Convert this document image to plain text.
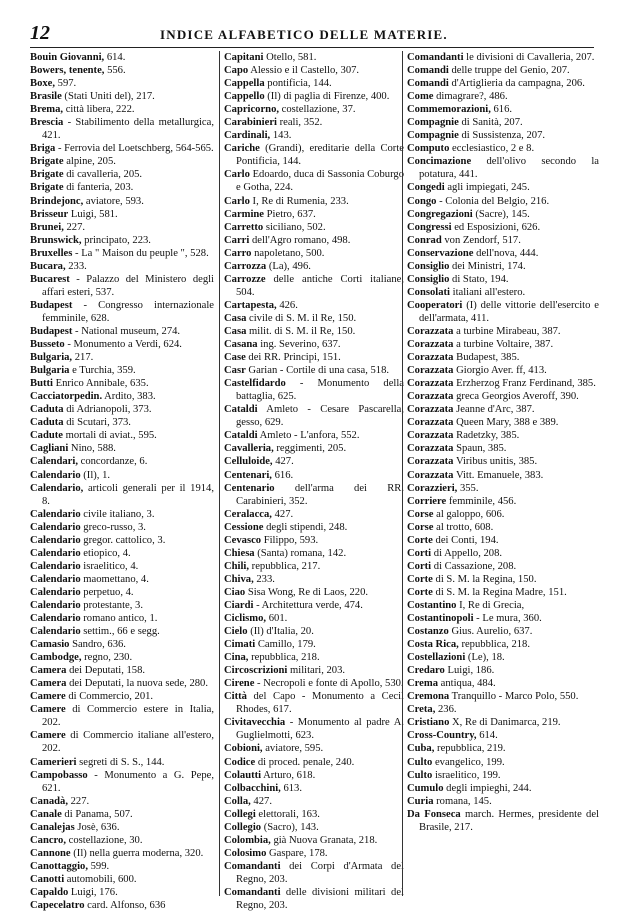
12	INDICE ALFABETICO DELLE MATERIE.

Bouin Giovanni, 614.

Bowers, tenente, 556.

Boxe, 597.

Brasile (Stati Uniti del), 217.

Brema, città libera, 222.

Brescia - Stabilimento della metallurgica, 421.

Briga - Ferrovia del Loetschberg, 564-565.

Brigate alpine, 205.

Brigate di cavalleria, 205.

Brigate di fanteria, 203.

Brindejonc, aviatore, 593.

Brisseur Luigi, 581.

Brunei, 227.

Brunswick, principato, 223.

Bruxelles - La " Maison du peuple ", 528.

Bucara, 233.

Bucarest - Palazzo del Ministero degli affari esteri, 537.

Budapest - Congresso internazionale femminile, 628.

Budapest - National museum, 274.

Busseto - Monumento a Verdi, 624.

Bulgaria, 217.

Bulgaria e Turchia, 359.

Butti Enrico Annibale, 635.

Cacciatorpedin. Ardito, 383.

Caduta di Adrianopoli, 373.

Caduta di Scutari, 373.

Cadute mortali di aviat., 595.

Cagliani Nino, 588.

Calendari, concordanze, 6.

Calendario (Il), 1.

Calendario, articoli generali per il 1914, 8.

Calendario civile italiano, 3.

Calendario greco-russo, 3.

Calendario gregor. cattolico, 3.

Calendario etiopico, 4.

Calendario israelitico, 4.

Calendario maomettano, 4.

Calendario perpetuo, 4.

Calendario protestante, 3.

Calendario romano antico, 1.

Calendario settim., 66 e segg.

Camasio Sandro, 636.

Cambodge, regno, 230.

Camera dei Deputati, 158.

Camera dei Deputati, la nuova sede, 280.

Camere di Commercio, 201.

Camere di Commercio estere in Italia, 202.

Camere di Commercio italiane all'estero, 202.

Camerieri segreti di S. S., 144.

Campobasso - Monumento a G. Pepe, 621.

Canadà, 227.

Canale di Panama, 507.

Canalejas Josè, 636.

Cancro, costellazione, 30.

Cannone (Il) nella guerra moderna, 320.

Canottaggio, 599.

Canotti automobili, 600.

Capaldo Luigi, 176.

Capecelatro card. Alfonso, 636

Capitani Otello, 581.

Capo Alessio e il Castello, 307.

Cappella pontificia, 144.

Cappello (Il) di paglia di Firenze, 400.

Capricorno, costellazione, 37.

Carabinieri reali, 352.

Cardinali, 143.

Cariche (Grandi), ereditarie della Corte Pontificia, 144.

Carlo Edoardo, duca di Sassonia Coburgo e Gotha, 224.

Carlo I, Re di Rumenia, 233.

Carmine Pietro, 637.

Carretto siciliano, 502.

Carri dell'Agro romano, 498.

Carro napoletano, 500.

Carrozza (La), 496.

Carrozze delle antiche Corti italiane, 504.

Cartapesta, 426.

Casa civile di S. M. il Re, 150.

Casa milit. di S. M. il Re, 150.

Casana ing. Severino, 637.

Case dei RR. Principi, 151.

Casr Garian - Cortile di una casa, 518.

Castelfidardo - Monumento della battaglia, 625.

Cataldi Amleto - Cesare Pascarella, gesso, 629.

Cataldi Amleto - L'anfora, 552.

Cavalleria, reggimenti, 205.

Celluloide, 427.

Centenari, 616.

Centenario dell'arma dei RR. Carabinieri, 352.

Ceralacca, 427.

Cessione degli stipendi, 248.

Cevasco Filippo, 593.

Chiesa (Santa) romana, 142.

Chili, repubblica, 217.

Chiva, 233.

Ciao Sisa Wong, Re di Laos, 220.

Ciardi - Architettura verde, 474.

Ciclismo, 601.

Cielo (Il) d'Italia, 20.

Cimati Camillo, 179.

Cina, repubblica, 218.

Circoscrizioni militari, 203.

Cirene - Necropoli e fonte di Apollo, 530.

Città del Capo - Monumento a Cecil Rhodes, 617.

Civitavecchia - Monumento al padre A. Guglielmotti, 623.

Cobioni, aviatore, 595.

Codice di proced. penale, 240.

Colautti Arturo, 618.

Colbacchini, 613.

Colla, 427.

Collegi elettorali, 163.

Collegio (Sacro), 143.

Colombia, già Nuova Granata, 218.

Colosimo Gaspare, 178.

Comandanti dei Corpi d'Armata del Regno, 203.

Comandanti delle divisioni militari del Regno, 203.

Comandanti le divisioni di Cavalleria, 207.

Comandi delle truppe del Genio, 207.

Comandi d'Artiglieria da campagna, 206.

Come dimagrare?, 486.

Commemorazioni, 616.

Compagnie di Sanità, 207.

Compagnie di Sussistenza, 207.

Computo ecclesiastico, 2 e 8.

Concimazione dell'olivo secondo la potatura, 441.

Congedi agli impiegati, 245.

Congo - Colonia del Belgio, 216.

Congregazioni (Sacre), 145.

Congressi ed Esposizioni, 626.

Conrad von Zendorf, 517.

Conservazione dell'nova, 444.

Consiglio dei Ministri, 174.

Consiglio di Stato, 194.

Consolati italiani all'estero.

Cooperatori (I) delle vittorie dell'esercito e dell'armata, 411.

Corazzata a turbine Mirabeau, 387.

Corazzata a turbine Voltaire, 387.

Corazzata Budapest, 385.

Corazzata Giorgio Aver. ff, 413.

Corazzata Erzherzog Franz Ferdinand, 385.

Corazzata greca Georgios Averoff, 390.

Corazzata Jeanne d'Arc, 387.

Corazzata Queen Mary, 388 e 389.

Corazzata Radetzky, 385.

Corazzata Spaun, 385.

Corazzata Viribus unitis, 385.

Corazzata Vitt. Emanuele, 383.

Corazzieri, 355.

Corriere femminile, 456.

Corse al galoppo, 606.

Corse al trotto, 608.

Corte dei Conti, 194.

Corti di Appello, 208.

Corti di Cassazione, 208.

Corte di S. M. la Regina, 150.

Corte di S. M. la Regina Madre, 151.

Costantino I, Re di Grecia,

Costantinopoli - Le mura, 360.

Costanzo Gius. Aurelio, 637.

Costa Rica, repubblica, 218.

Costellazioni (Le), 18.

Credaro Luigi, 186.

Crema antiqua, 484.

Cremona Tranquillo - Marco Polo, 550.

Creta, 236.

Cristiano X, Re di Danimarca, 219.

Cross-Country, 614.

Cuba, repubblica, 219.

Culto evangelico, 199.

Culto israelitico, 199.

Cumulo degli impieghi, 244.

Curia romana, 145.

Da Fonseca march. Hermes, presidente del Brasile, 217.
